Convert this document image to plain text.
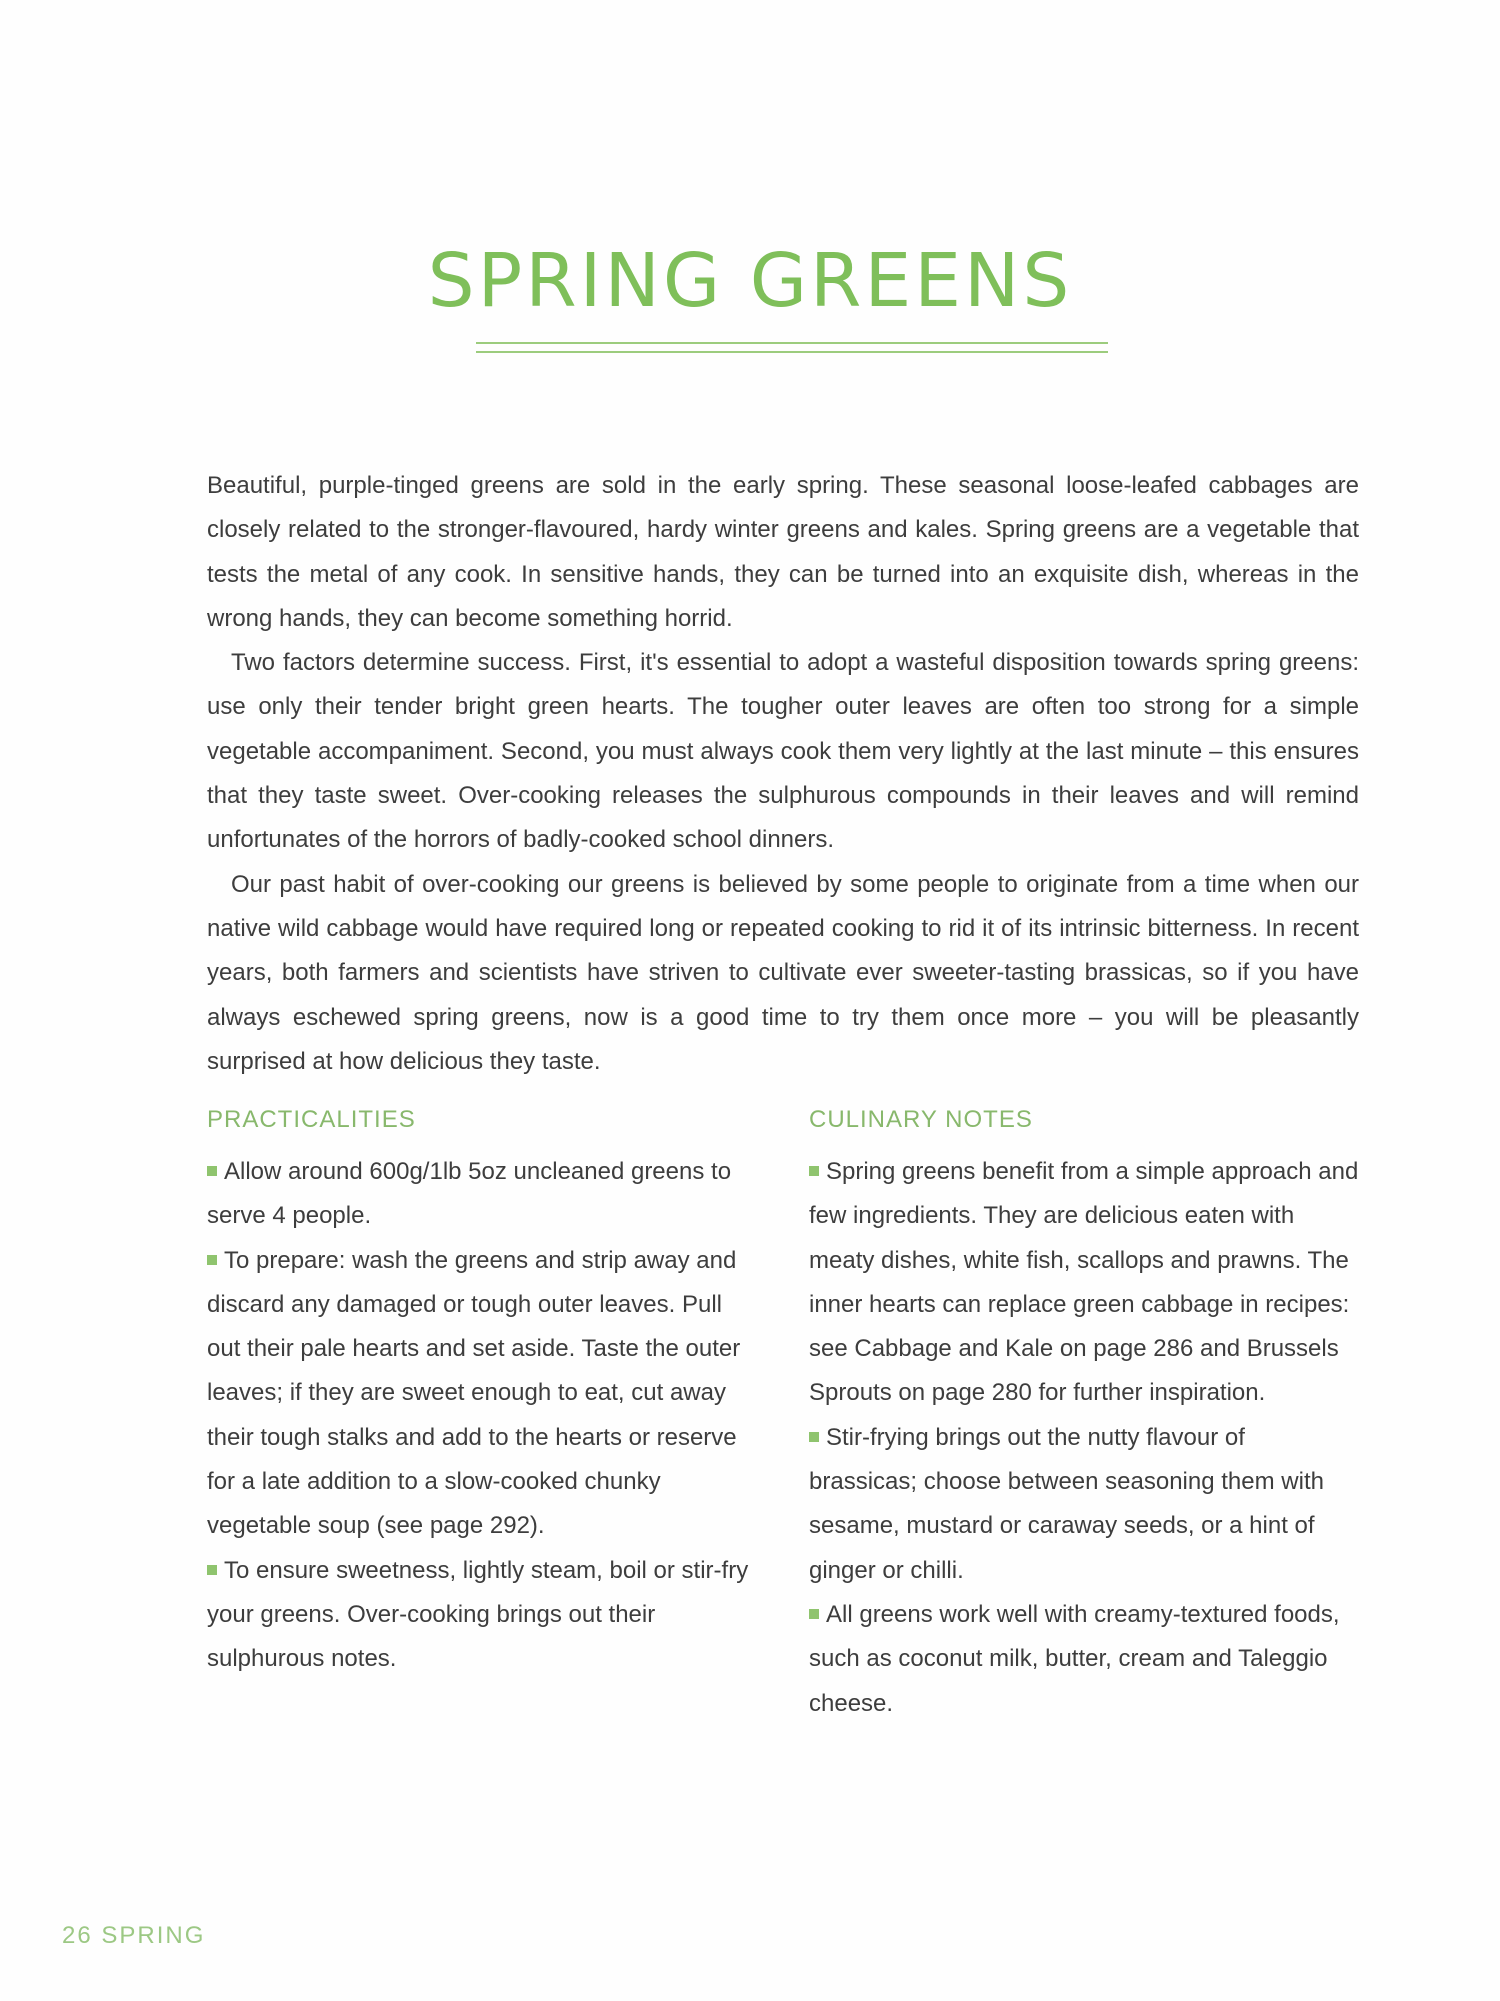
SPRING GREENS

Beautiful, purple-tinged greens are sold in the early spring. These seasonal loose-leafed cabbages are closely related to the stronger-flavoured, hardy winter greens and kales. Spring greens are a vegetable that tests the metal of any cook. In sensitive hands, they can be turned into an exquisite dish, whereas in the wrong hands, they can become something horrid.

Two factors determine success. First, it's essential to adopt a wasteful disposition towards spring greens: use only their tender bright green hearts. The tougher outer leaves are often too strong for a simple vegetable accompaniment. Second, you must always cook them very lightly at the last minute – this ensures that they taste sweet. Over-cooking releases the sulphurous compounds in their leaves and will remind unfortunates of the horrors of badly-cooked school dinners.

Our past habit of over-cooking our greens is believed by some people to originate from a time when our native wild cabbage would have required long or repeated cooking to rid it of its intrinsic bitterness. In recent years, both farmers and scientists have striven to cultivate ever sweeter-tasting brassicas, so if you have always eschewed spring greens, now is a good time to try them once more – you will be pleasantly surprised at how delicious they taste.

PRACTICALITIES

Allow around 600g/1lb 5oz uncleaned greens to serve 4 people.

To prepare: wash the greens and strip away and discard any damaged or tough outer leaves. Pull out their pale hearts and set aside. Taste the outer leaves; if they are sweet enough to eat, cut away their tough stalks and add to the hearts or reserve for a late addition to a slow-cooked chunky vegetable soup (see page 292).

To ensure sweetness, lightly steam, boil or stir-fry your greens. Over-cooking brings out their sulphurous notes.

CULINARY NOTES

Spring greens benefit from a simple approach and few ingredients. They are delicious eaten with meaty dishes, white fish, scallops and prawns. The inner hearts can replace green cabbage in recipes: see Cabbage and Kale on page 286 and Brussels Sprouts on page 280 for further inspiration.

Stir-frying brings out the nutty flavour of brassicas; choose between seasoning them with sesame, mustard or caraway seeds, or a hint of ginger or chilli.

All greens work well with creamy-textured foods, such as coconut milk, butter, cream and Taleggio cheese.

26 SPRING
